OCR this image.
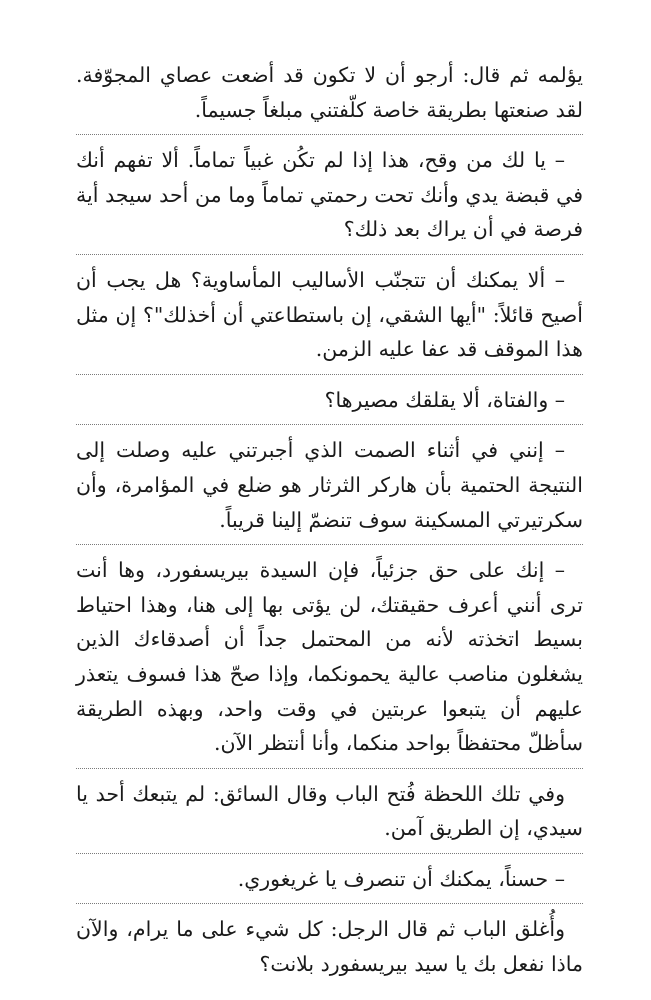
يؤلمه ثم قال: أرجو أن لا تكون قد أضعت عصاي المجوّفة. لقد صنعتها بطريقة خاصة كلّفتني مبلغاً جسيماً.

– يا لك من وقح، هذا إذا لم تكُن غبياً تماماً. ألا تفهم أنك في قبضة يدي وأنك تحت رحمتي تماماً وما من أحد سيجد أية فرصة في أن يراك بعد ذلك؟

– ألا يمكنك أن تتجنّب الأساليب المأساوية؟ هل يجب أن أصيح قائلاً: "أيها الشقي، إن باستطاعتي أن أخذلك"؟ إن مثل هذا الموقف قد عفا عليه الزمن.

– والفتاة، ألا يقلقك مصيرها؟

– إنني في أثناء الصمت الذي أجبرتني عليه وصلت إلى النتيجة الحتمية بأن هاركر الثرثار هو ضلع في المؤامرة، وأن سكرتيرتي المسكينة سوف تنضمّ إلينا قريباً.

– إنك على حق جزئياً، فإن السيدة بيريسفورد، وها أنت ترى أنني أعرف حقيقتك، لن يؤتى بها إلى هنا، وهذا احتياط بسيط اتخذته لأنه من المحتمل جداً أن أصدقاءك الذين يشغلون مناصب عالية يحمونكما، وإذا صحّ هذا فسوف يتعذر عليهم أن يتبعوا عربتين في وقت واحد، وبهذه الطريقة سأظلّ محتفظاً بواحد منكما، وأنا أنتظر الآن.

وفي تلك اللحظة فُتح الباب وقال السائق: لم يتبعك أحد يا سيدي، إن الطريق آمن.

– حسناً، يمكنك أن تنصرف يا غريغوري.

وأُغلق الباب ثم قال الرجل: كل شيء على ما يرام، والآن ماذا نفعل بك يا سيد بيريسفورد بلانت؟
